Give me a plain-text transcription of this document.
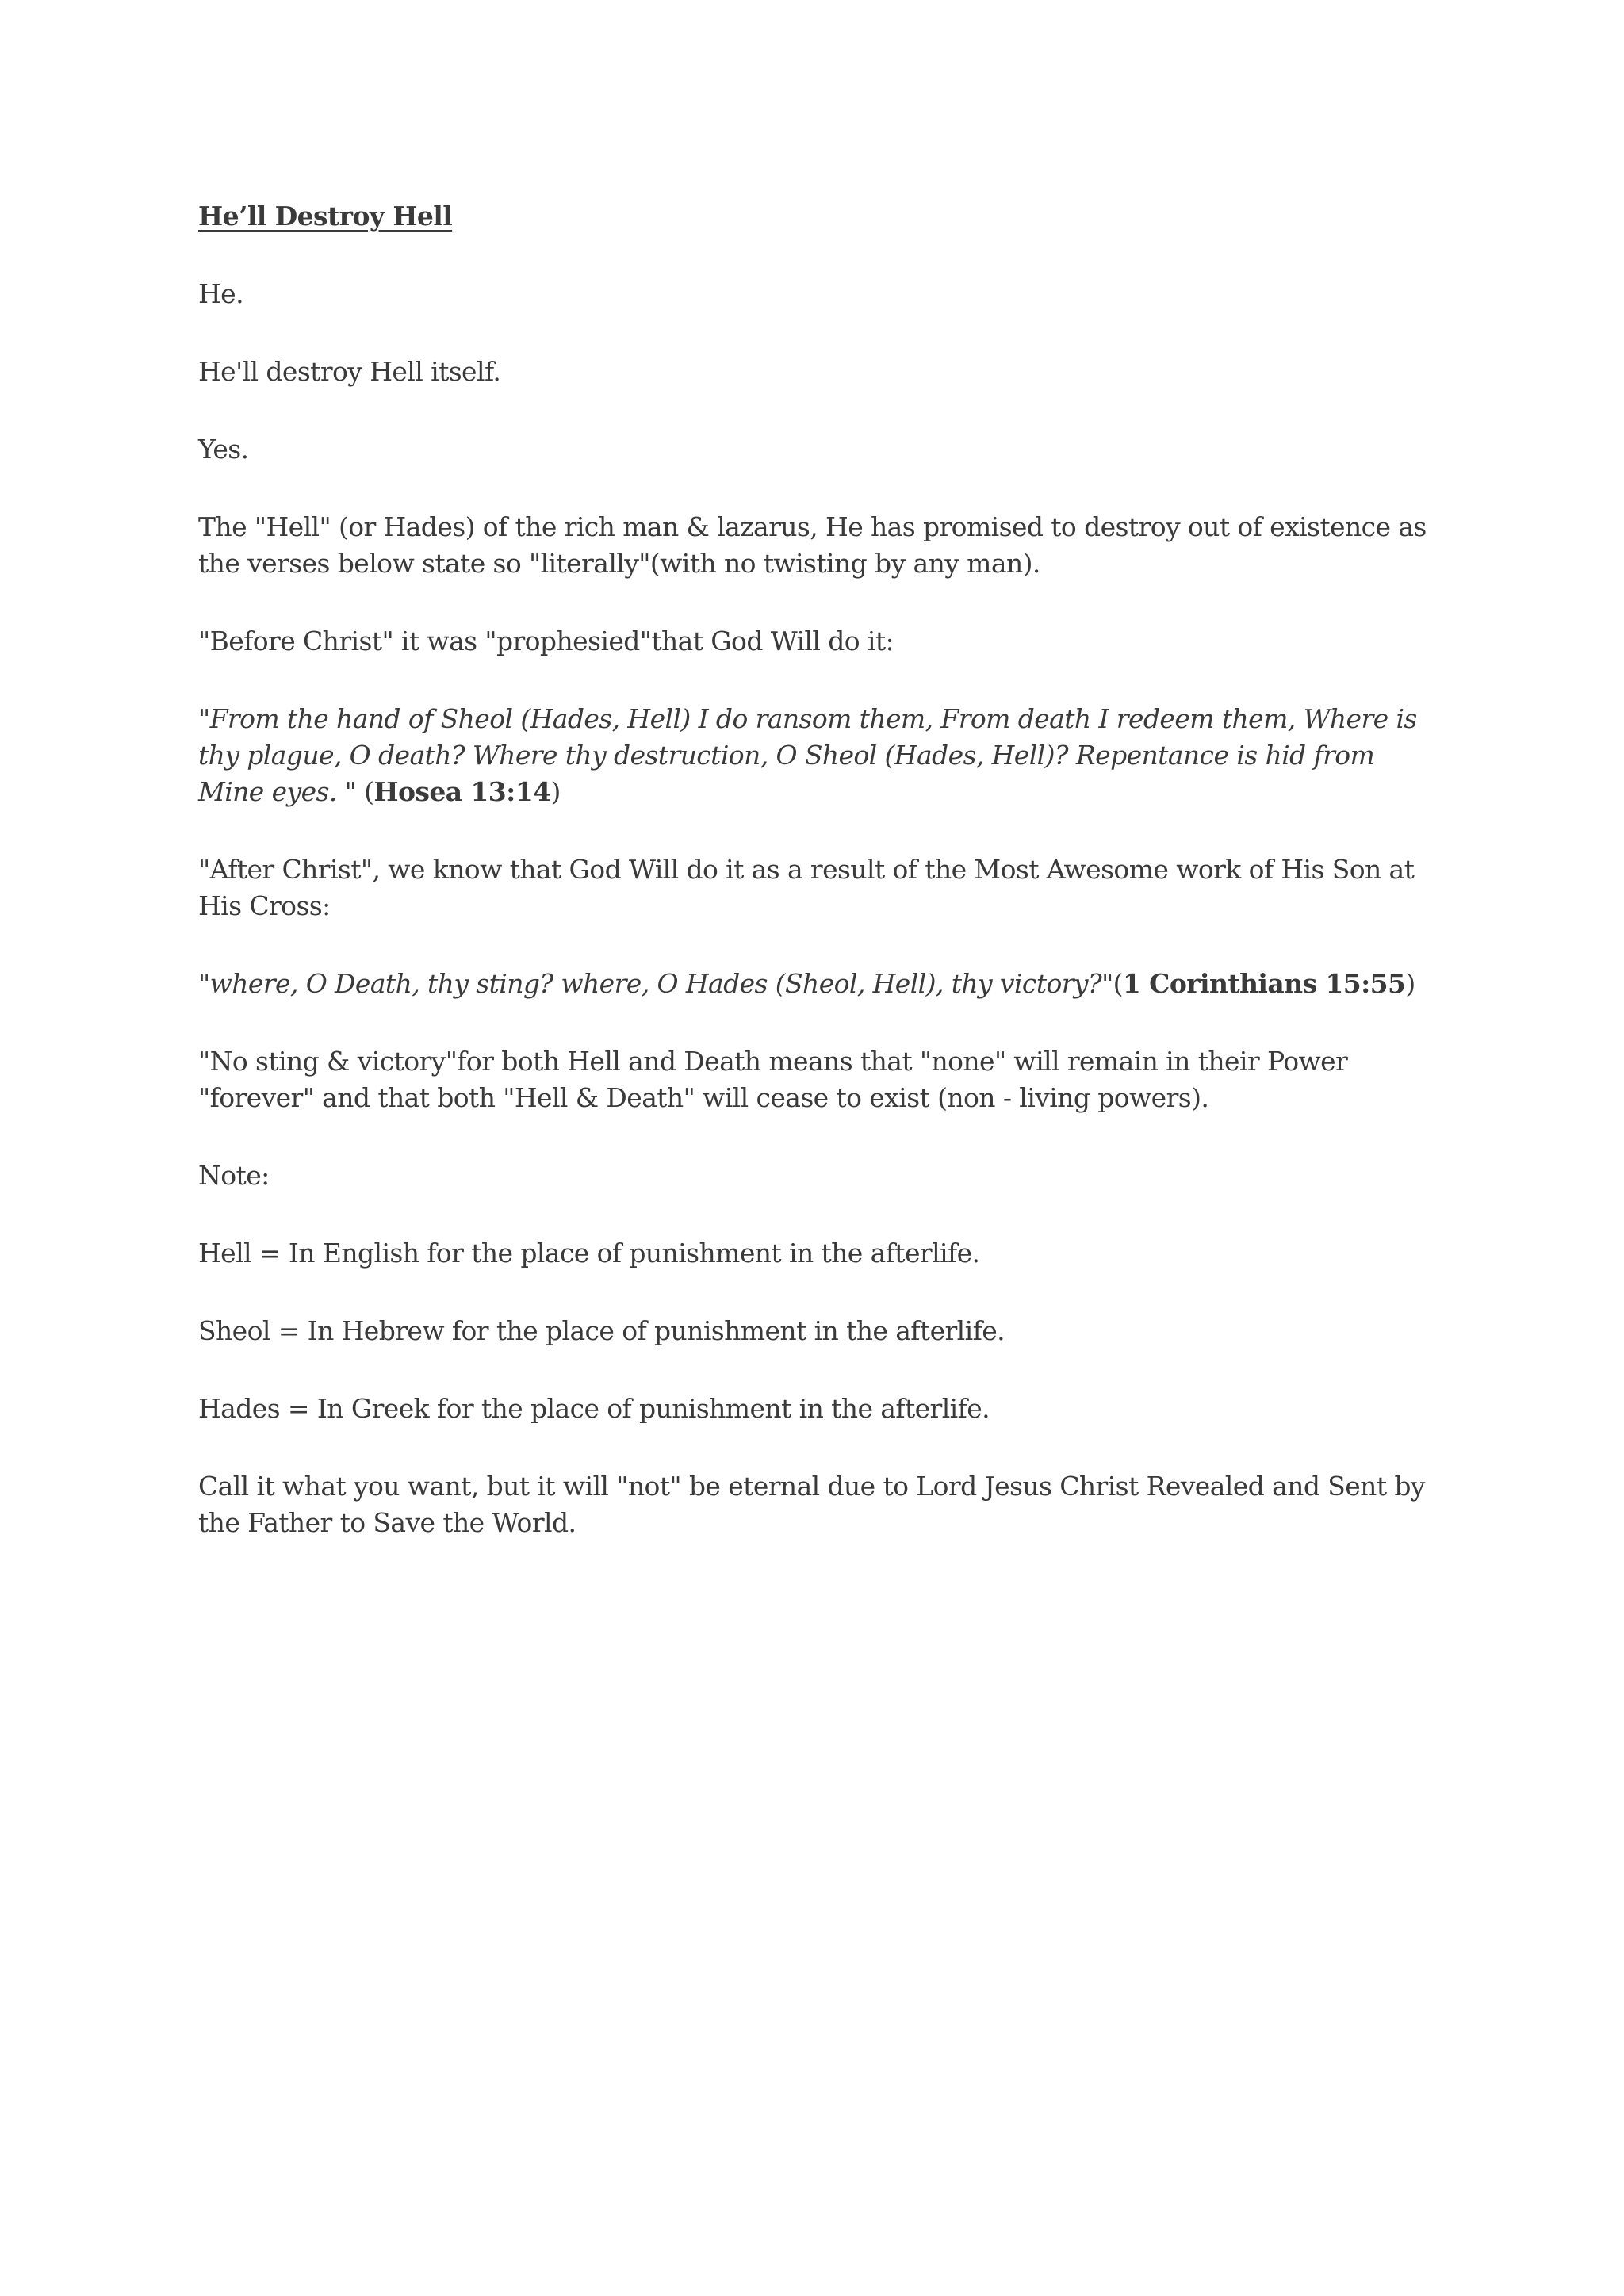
He’ll Destroy Hell

He.

He'll destroy Hell itself.

Yes.

The "Hell" (or Hades) of the rich man & lazarus, He has promised to destroy out of existence as the verses below state so "literally"(with no twisting by any man).

"Before Christ" it was "prophesied"that God Will do it:

"From the hand of Sheol (Hades, Hell) I do ransom them, From death I redeem them, Where is thy plague, O death? Where thy destruction, O Sheol (Hades, Hell)? Repentance is hid from Mine eyes. " (Hosea 13:14)

"After Christ", we know that God Will do it as a result of the Most Awesome work of His Son at His Cross:

"where, O Death, thy sting? where, O Hades (Sheol, Hell), thy victory?"(1 Corinthians 15:55)

"No sting & victory"for both Hell and Death means that "none" will remain in their Power "forever" and that both "Hell & Death" will cease to exist (non - living powers).

Note:

Hell = In English for the place of punishment in the afterlife.

Sheol = In Hebrew for the place of punishment in the afterlife.

Hades = In Greek for the place of punishment in the afterlife.

Call it what you want, but it will "not" be eternal due to Lord Jesus Christ Revealed and Sent by the Father to Save the World.
